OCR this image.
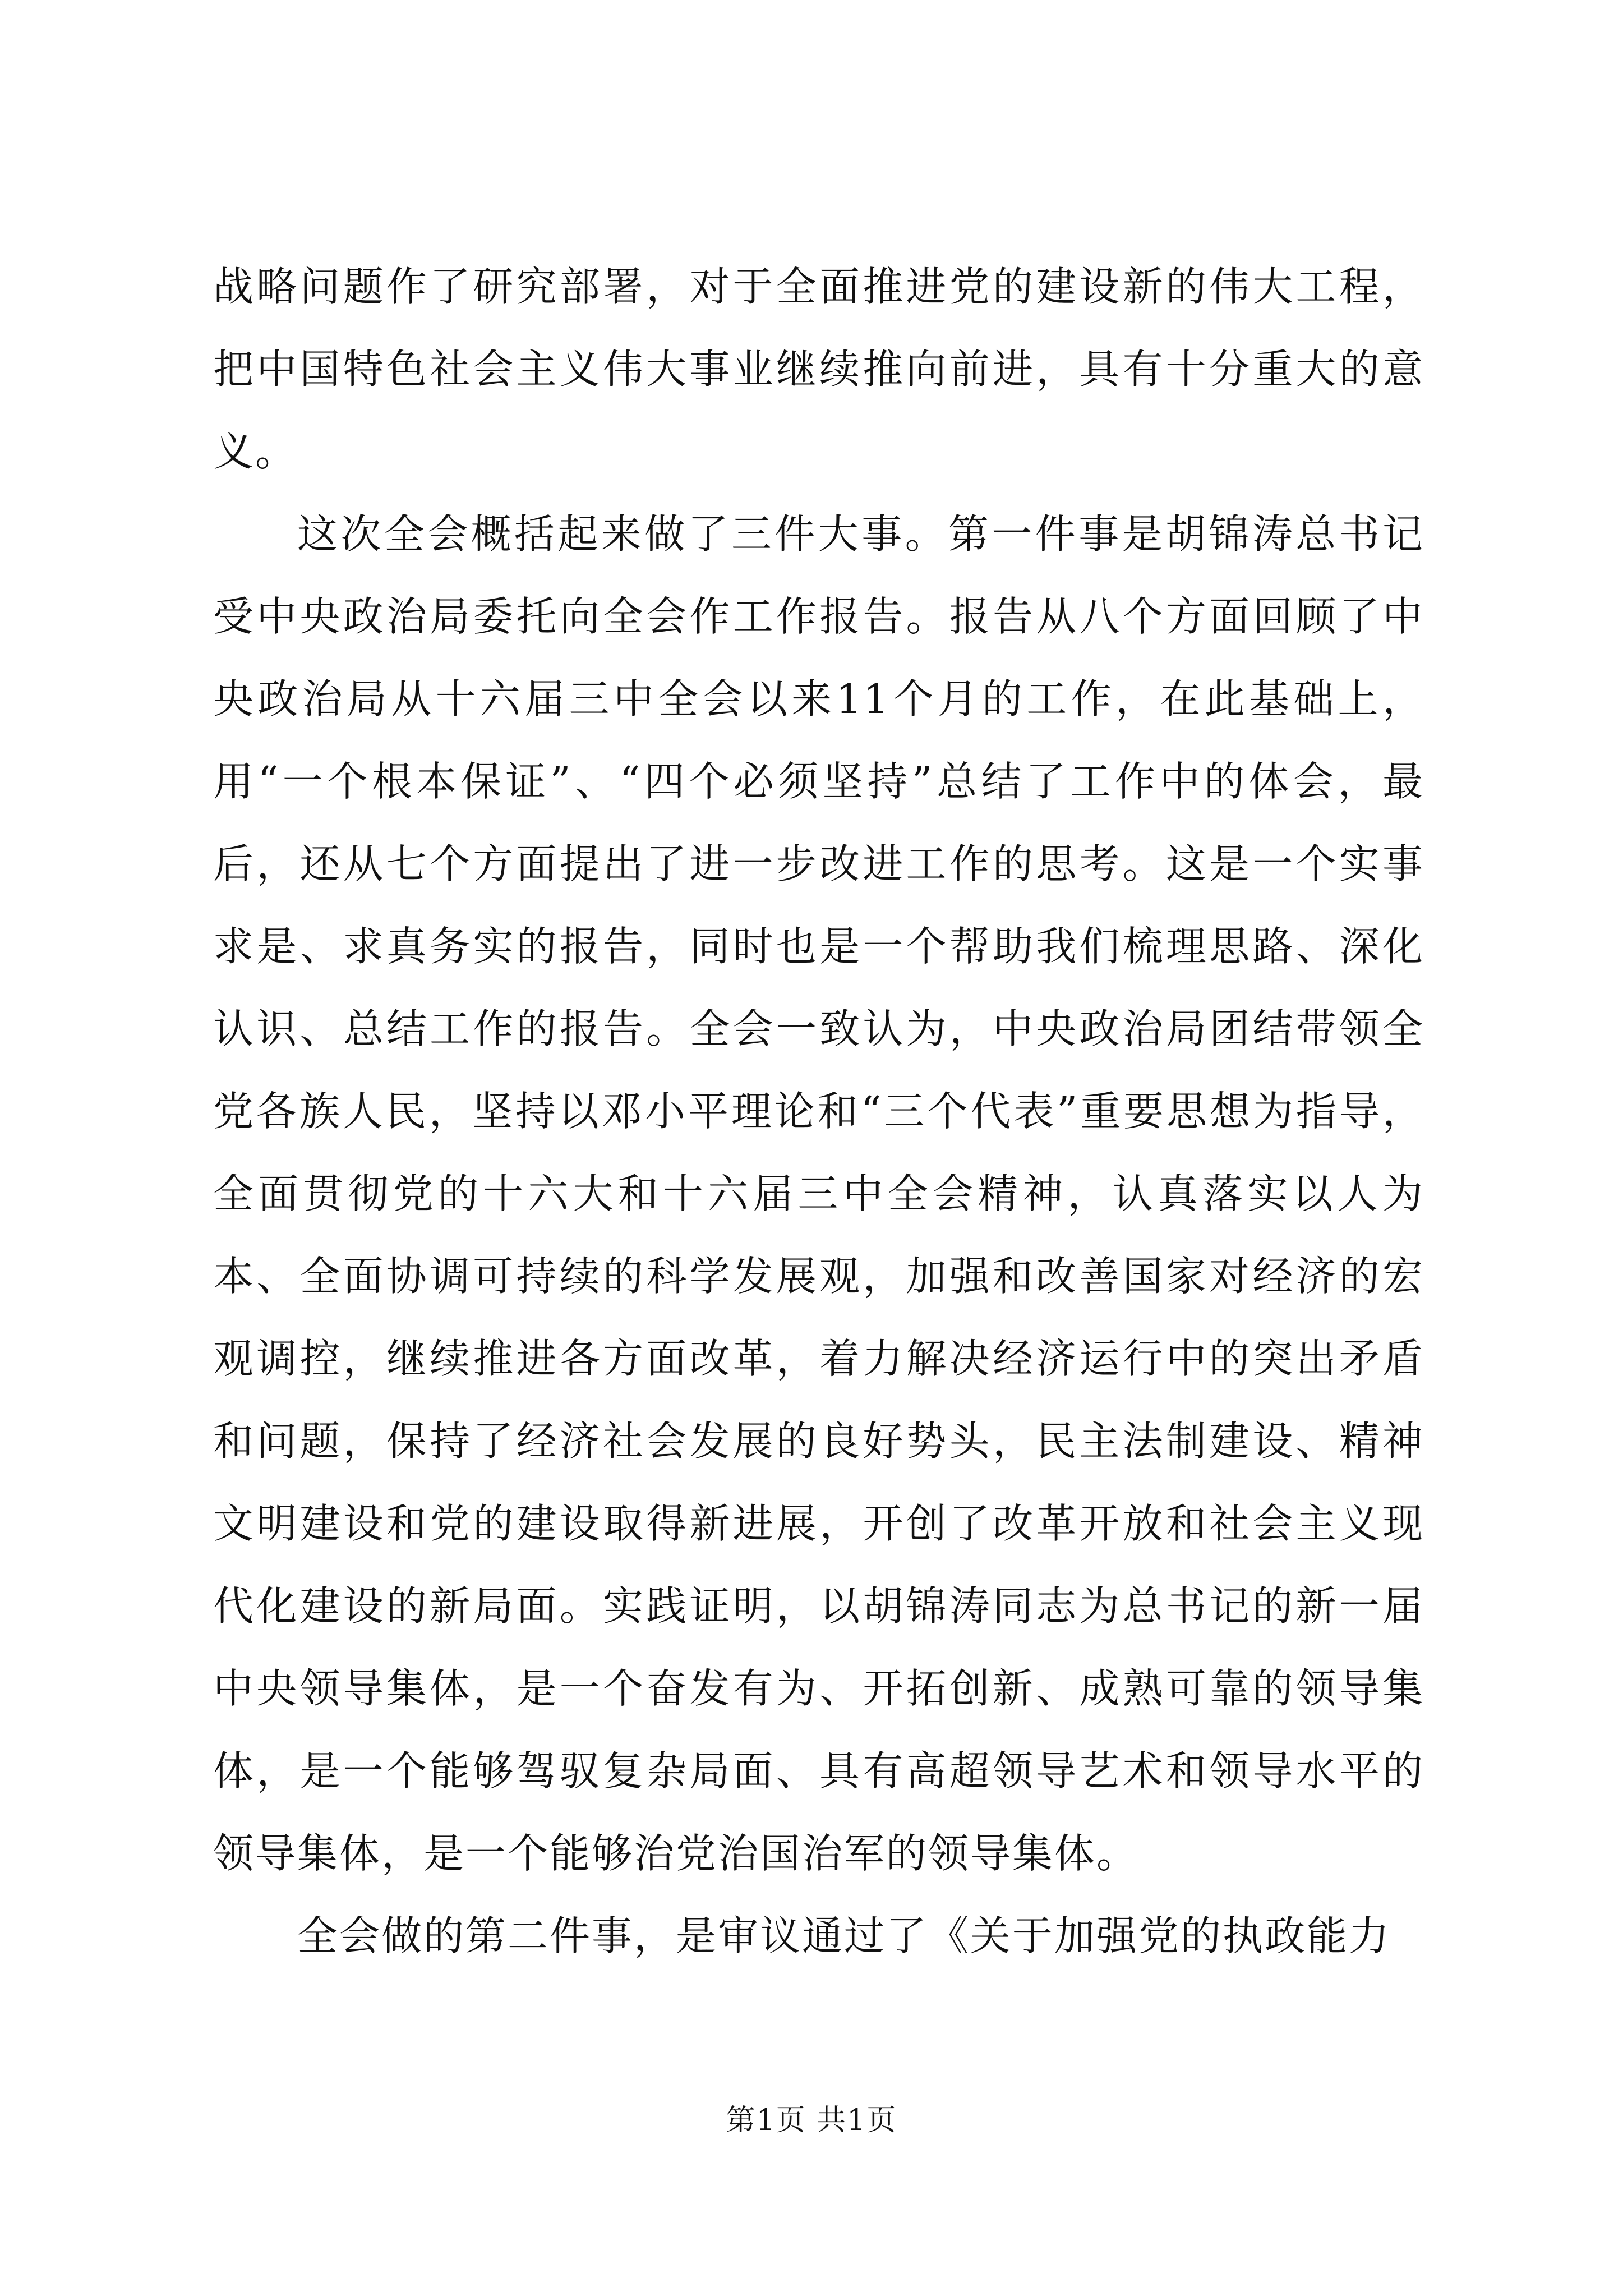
战略问题作了研究部署，对于全面推进党的建设新的伟大工程，把中国特色社会主义伟大事业继续推向前进，具有十分重大的意义。

这次全会概括起来做了三件大事。第一件事是胡锦涛总书记受中央政治局委托向全会作工作报告。报告从八个方面回顾了中央政治局从十六届三中全会以来11个月的工作，在此基础上，用“一个根本保证”、“四个必须坚持”总结了工作中的体会，最后，还从七个方面提出了进一步改进工作的思考。这是一个实事求是、求真务实的报告，同时也是一个帮助我们梳理思路、深化认识、总结工作的报告。全会一致认为，中央政治局团结带领全党各族人民，坚持以邓小平理论和“三个代表”重要思想为指导，全面贯彻党的十六大和十六届三中全会精神，认真落实以人为本、全面协调可持续的科学发展观，加强和改善国家对经济的宏观调控，继续推进各方面改革，着力解决经济运行中的突出矛盾和问题，保持了经济社会发展的良好势头，民主法制建设、精神文明建设和党的建设取得新进展，开创了改革开放和社会主义现代化建设的新局面。实践证明，以胡锦涛同志为总书记的新一届中央领导集体，是一个奋发有为、开拓创新、成熟可靠的领导集体，是一个能够驾驭复杂局面、具有高超领导艺术和领导水平的领导集体，是一个能够治党治国治军的领导集体。

全会做的第二件事，是审议通过了《关于加强党的执政能力

第1页 共1页
